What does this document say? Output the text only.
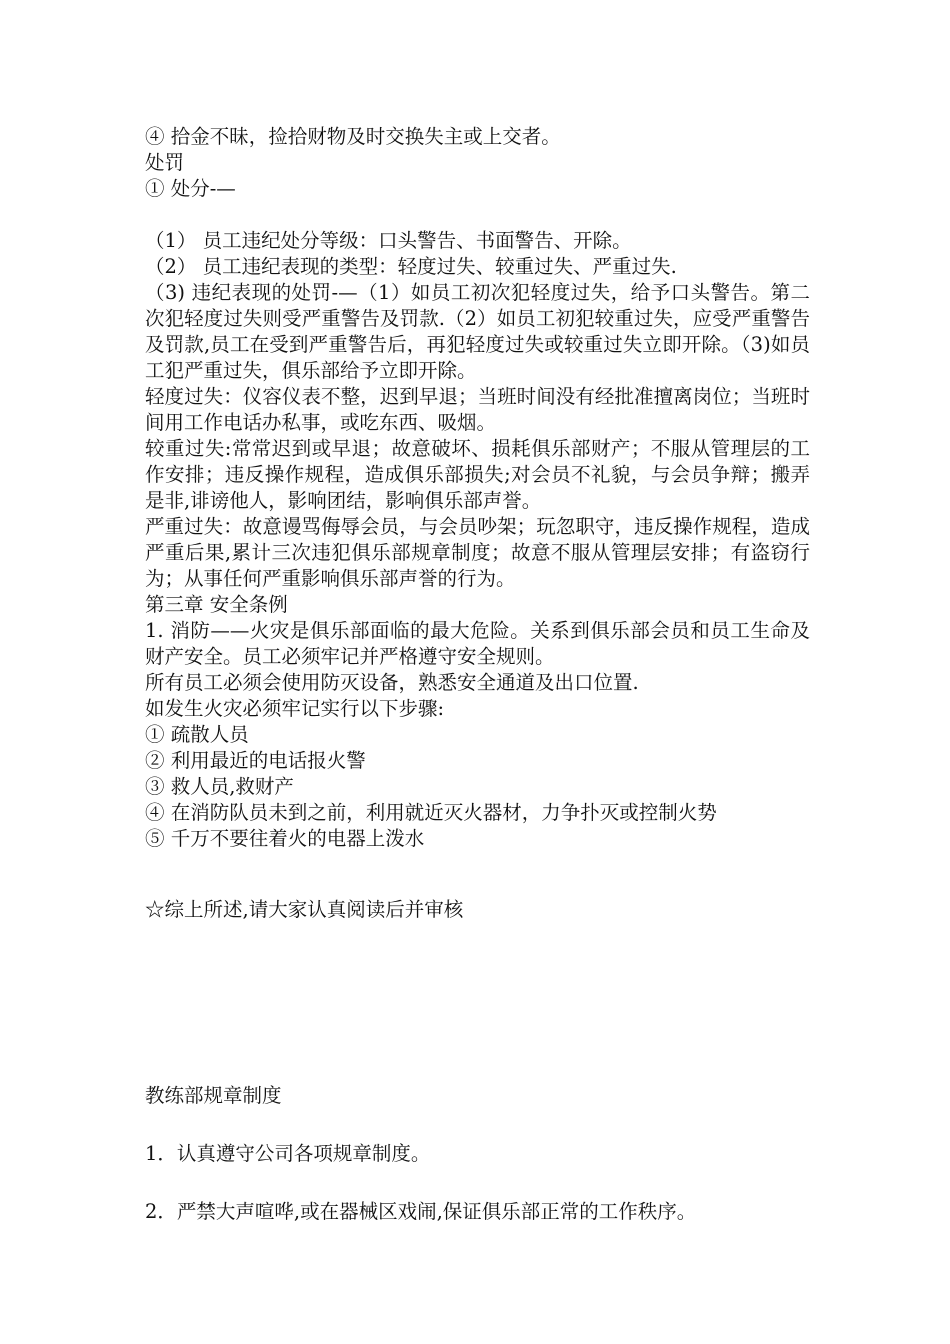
④ 拾金不昧，捡拾财物及时交换失主或上交者。

处罚

① 处分-—

（1） 员工违纪处分等级：口头警告、书面警告、开除。

（2） 员工违纪表现的类型：轻度过失、较重过失、严重过失.

（3) 违纪表现的处罚-—（1）如员工初次犯轻度过失，给予口头警告。第二次犯轻度过失则受严重警告及罚款.（2）如员工初犯较重过失，应受严重警告及罚款,员工在受到严重警告后，再犯轻度过失或较重过失立即开除。（3)如员工犯严重过失，俱乐部给予立即开除。

轻度过失：仪容仪表不整，迟到早退；当班时间没有经批准擅离岗位；当班时间用工作电话办私事，或吃东西、吸烟。

较重过失:常常迟到或早退；故意破坏、损耗俱乐部财产；不服从管理层的工作安排；违反操作规程，造成俱乐部损失;对会员不礼貌，与会员争辩；搬弄是非,诽谤他人，影响团结，影响俱乐部声誉。

严重过失：故意谩骂侮辱会员，与会员吵架；玩忽职守，违反操作规程，造成严重后果,累计三次违犯俱乐部规章制度；故意不服从管理层安排；有盗窃行为；从事任何严重影响俱乐部声誉的行为。

第三章 安全条例

1. 消防——火灾是俱乐部面临的最大危险。关系到俱乐部会员和员工生命及财产安全。员工必须牢记并严格遵守安全规则。

所有员工必须会使用防灭设备，熟悉安全通道及出口位置.

如发生火灾必须牢记实行以下步骤:

① 疏散人员

② 利用最近的电话报火警

③ 救人员,救财产

④ 在消防队员未到之前，利用就近灭火器材，力争扑灭或控制火势

⑤ 千万不要往着火的电器上泼水

☆综上所述,请大家认真阅读后并审核

教练部规章制度

1．认真遵守公司各项规章制度。

2．严禁大声喧哗,或在器械区戏闹,保证俱乐部正常的工作秩序。
